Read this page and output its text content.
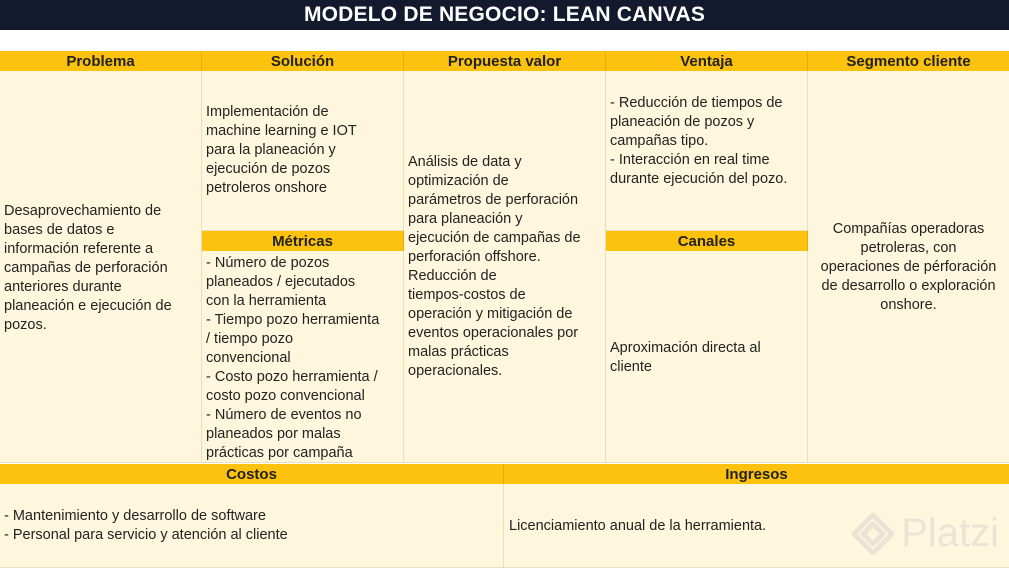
MODELO DE NEGOCIO: LEAN CANVAS
Problema
Desaprovechamiento de
bases de datos e
información referente a
campañas de perforación
anteriores durante
planeación e ejecución de
pozos.
Solución
Implementación de
machine learning e IOT
para la planeación y
ejecución de pozos
petroleros onshore
Métricas
- Número de pozos
planeados / ejecutados
con la herramienta
- Tiempo pozo herramienta
/ tiempo pozo
convencional
- Costo pozo herramienta /
costo pozo convencional
- Número de eventos no
planeados por malas
prácticas por campaña
Propuesta valor
Análisis de data y
optimización de
parámetros de perforación
para planeación y
ejecución de campañas de
perforación offshore.
Reducción de
tiempos-costos de
operación y mitigación de
eventos operacionales por
malas prácticas
operacionales.
Ventaja
- Reducción de tiempos de
planeación de pozos y
campañas tipo.
- Interacción en real time
durante ejecución del pozo.
Canales
Aproximación directa al
cliente
Segmento cliente
Compañías operadoras
petroleras, con
operaciones de pérforación
de desarrollo o exploración
onshore.
Costos
- Mantenimiento y desarrollo de software
- Personal para servicio y atención al cliente
Ingresos
Licenciamiento anual de la herramienta.	Platzi
